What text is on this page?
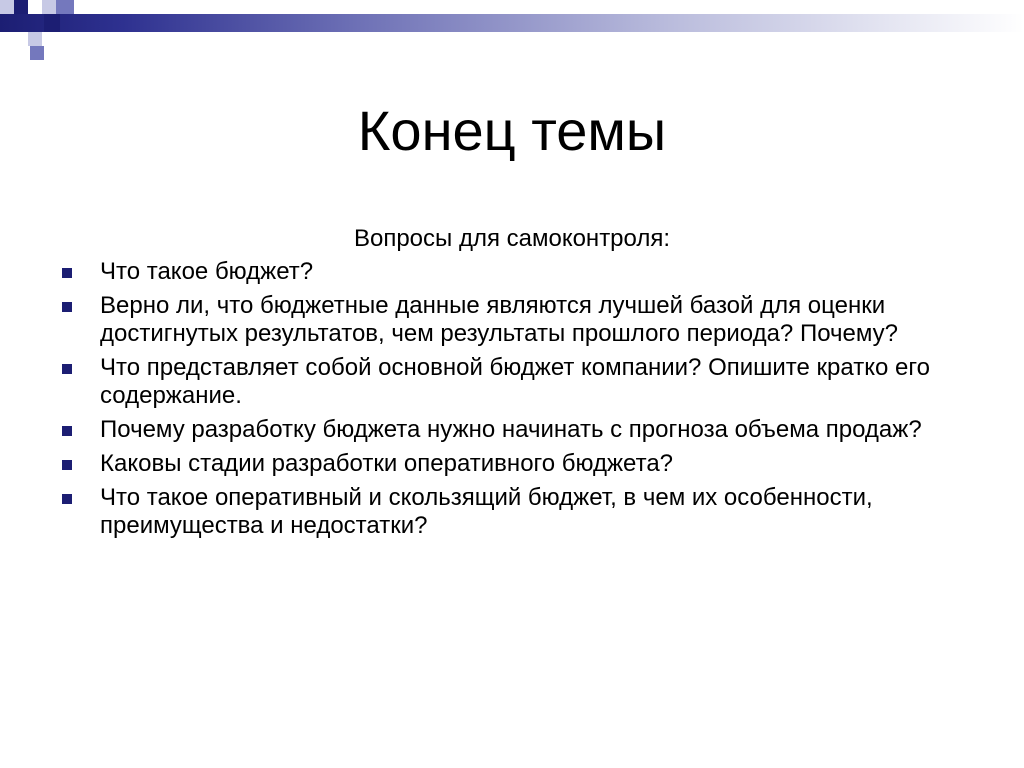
Конец темы

Вопросы для самоконтроля:

Что такое бюджет?
Верно ли, что бюджетные данные являются лучшей базой для оценки достигнутых результатов, чем результаты прошлого периода? Почему?
Что представляет собой основной бюджет компании? Опишите кратко его содержание.
Почему разработку бюджета нужно начинать с прогноза объема продаж?
Каковы стадии разработки оперативного бюджета?
Что такое оперативный и скользящий бюджет, в чем их особенности, преимущества и недостатки?
